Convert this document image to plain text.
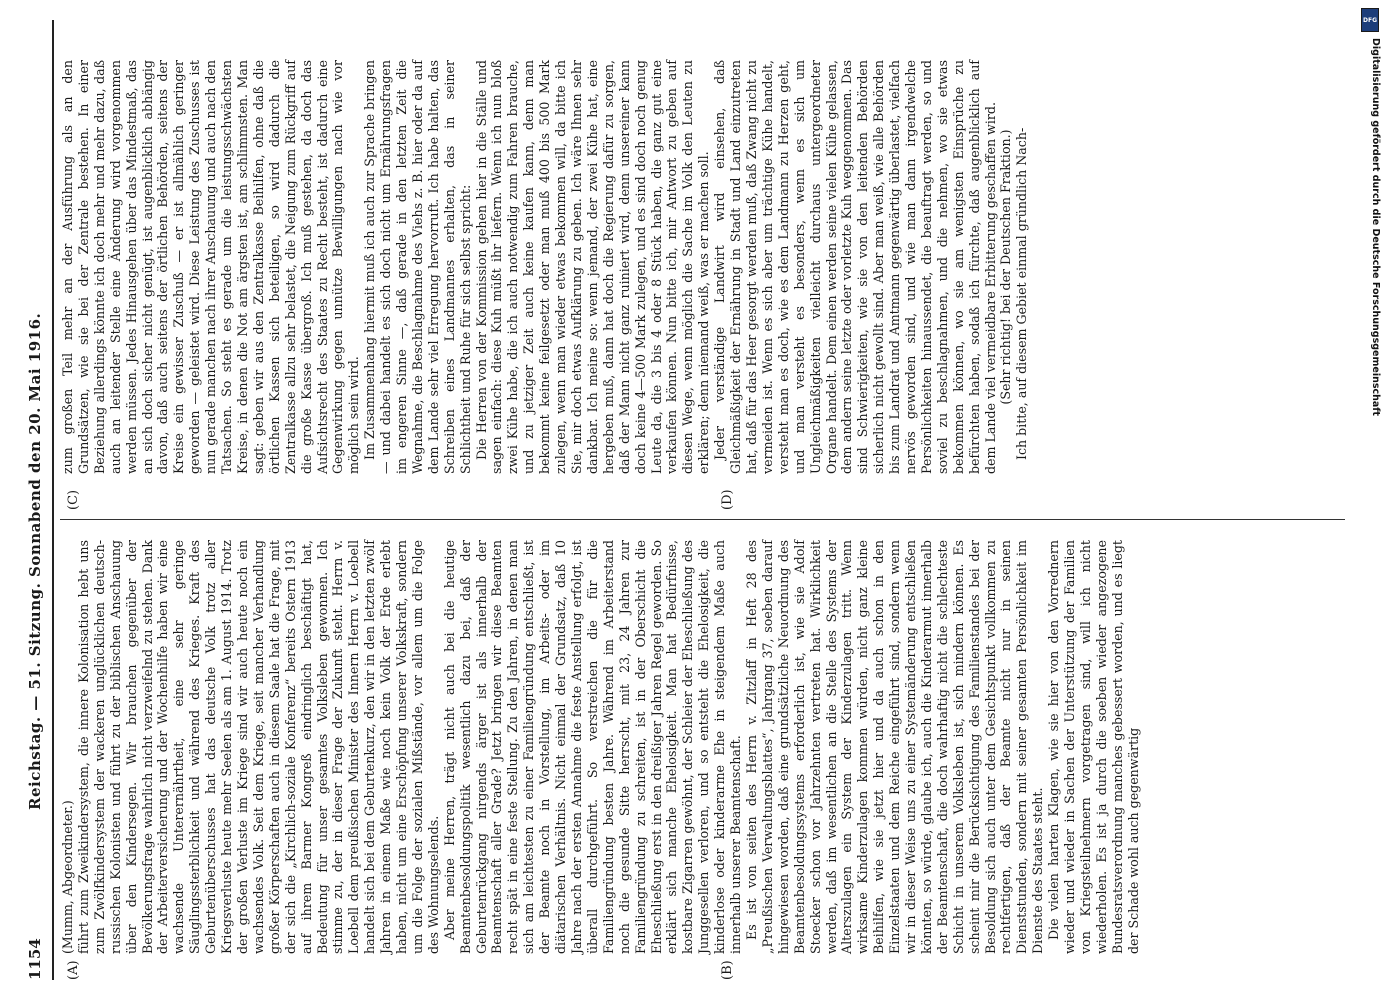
1154
Reichstag. — 51. Sitzung. Sonnabend den 20. Mai 1916.
(A)	(B)
(C)	(D)

(Mumm, Abgeordneter.) führt zum Zweikindersystem, die innere Kolonisation hebt uns zum Zwölfkindersystem der wackeren unglücklichen deutsch-russischen Kolonisten und führt zu der biblischen Anschauung über den Kindersegen. Wir brauchen gegenüber der Bevölkerungsfrage wahrlich nicht verzweifelnd zu stehen. Dank der Arbeiterversicherung und der Wochenhilfe haben wir eine wachsende Unterernährtheit, eine sehr geringe Säuglingssterblichkeit und während des Krieges. Kraft des Geburtenüberschusses hat das deutsche Volk trotz aller Kriegsverluste heute mehr Seelen als am 1. August 1914. Trotz der großen Verluste im Kriege sind wir auch heute noch ein wachsendes Volk. Seit dem Kriege, seit mancher Verhandlung großer Körperschaften auch in diesem Saale hat die Frage, mit der sich die „Kirchlich-soziale Konferenz“ bereits Ostern 1913 auf ihrem Barmer Kongreß eindringlich beschäftigt hat, Bedeutung für unser gesamtes Volksleben gewonnen. Ich stimme zu, der in dieser Frage der Zukunft steht. Herrn v. Loebell dem preußischen Minister des Innern Herrn v. Loebell handelt sich bei dem Geburtenkurz, den wir in den letzten zwölf Jahren in einem Maße wie noch kein Volk der Erde erlebt haben, nicht um eine Erschöpfung unserer Volkskraft, sondern um die Folge der sozialen Mißstände, vor allem um die Folge des Wohnungselends. Aber meine Herren, trägt nicht auch bei die heutige Beamtenbesoldungspolitik wesentlich dazu bei, daß der Geburtenrückgang nirgends ärger ist als innerhalb der Beamtenschaft aller Grade? Jetzt bringen wir diese Beamten recht spät in eine feste Stellung. Zu den Jahren, in denen man sich am leichtesten zu einer Familiengründung entschließt, ist der Beamte noch in Vorstellung, im Arbeits- oder im diätarischen Verhältnis. Nicht einmal der Grundsatz, daß 10 Jahre nach der ersten Annahme die feste Anstellung erfolgt, ist überall durchgeführt. So verstreichen die für die Familiengründung besten Jahre. Während im Arbeiterstand noch die gesunde Sitte herrscht, mit 23, 24 Jahren zur Familiengründung zu schreiten, ist in der Oberschicht die Eheschließung erst in den dreißiger Jahren Regel geworden. So erklärt sich manche Ehelosigkeit. Man hat Bedürfnisse, kostbare Zigarren gewöhnt, der Schleier der Eheschließung des Junggesellen verloren, und so entsteht die Ehelosigkeit, die kinderlose oder kinderarme Ehe in steigendem Maße auch innerhalb unserer Beamtenschaft. Es ist von seiten des Herrn v. Zitzlaff in Heft 28 des „Preußischen Verwaltungsblattes“, Jahrgang 37, soeben darauf hingewiesen worden, daß eine grundsätzliche Neuordnung des Beamtenbesoldungssystems erforderlich ist, wie sie Adolf Stoecker schon vor Jahrzehnten vertreten hat. Wirklichkeit werden, daß im wesentlichen an die Stelle des Systems der Alterszulagen ein System der Kinderzulagen tritt. Wenn wirksame Kinderzulagen kommen würden, nicht ganz kleine Beihilfen, wie sie jetzt hier und da auch schon in den Einzelstaaten und dem Reiche eingeführt sind, sondern wenn wir in dieser Weise uns zu einer Systemänderung entschließen könnten, so würde, glaube ich, auch die Kinderarmut innerhalb der Beamtenschaft, die doch wahrhaftig nicht die schlechteste Schicht in unserem Volksleben ist, sich mindern können. Es scheint mir die Berücksichtigung des Familienstandes bei der Besoldung sich auch unter dem Gesichtspunkt vollkommen zu rechtfertigen, daß der Beamte nicht nur in seinen Dienststunden, sondern mit seiner gesamten Persönlichkeit im Dienste des Staates steht. Die vielen harten Klagen, wie sie hier von den Vorrednern wieder und wieder in Sachen der Unterstützung der Familien von Kriegsteilnehmern vorgetragen sind, will ich nicht wiederholen. Es ist ja durch die soeben wieder angezogene Bundesratsverordnung manches gebessert worden, und es liegt der Schade wohl auch gegenwärtig

zum großen Teil mehr an der Ausführung als an den Grundsätzen, wie sie bei der Zentrale bestehen. In einer Beziehung allerdings könnte ich doch mehr und mehr dazu, daß auch an leitender Stelle eine Änderung wird vorgenommen werden müssen. Jedes Hinausgehen über das Mindestmaß, das an sich doch sicher nicht genügt, ist augenblicklich abhängig davon, daß auch seitens der örtlichen Behörden, seitens der Kreise ein gewisser Zuschuß — er ist allmählich geringer geworden — geleistet wird. Diese Leistung des Zuschusses ist nun gerade manchen nach ihrer Anschauung und auch nach den Tatsachen. So steht es gerade um die leistungsschwächsten Kreise, in denen die Not am ärgsten ist, am schlimmsten. Man sagt: geben wir aus den Zentralkasse Beihilfen, ohne daß die örtlichen Kassen sich beteiligen, so wird dadurch die Zentralkasse allzu sehr belastet, die Neigung zum Rückgriff auf die große Kasse übergroß. Ich muß gestehen, da doch das Aufsichtsrecht des Staates zu Recht besteht, ist dadurch eine Gegenwirkung gegen unnütze Bewilligungen nach wie vor möglich sein wird. Im Zusammenhang hiermit muß ich auch zur Sprache bringen — und dabei handelt es sich doch nicht um Ernährungsfragen im engeren Sinne —, daß gerade in den letzten Zeit die Wegnahme, die Beschlagnahme des Viehs z. B. hier oder da auf dem Lande sehr viel Erregung hervorruft. Ich habe halten, das Schreiben eines Landmannes erhalten, das in seiner Schlichtheit und Ruhe für sich selbst spricht: Die Herren von der Kommission gehen hier in die Ställe und sagen einfach: diese Kuh müßt ihr liefern. Wenn ich nun bloß zwei Kühe habe, die ich auch notwendig zum Fahren brauche, und zu jetziger Zeit auch keine kaufen kann, denn man bekommt keine feilgesetzt oder man muß 400 bis 500 Mark zulegen, wenn man wieder etwas bekommen will, da bitte ich Sie, mir doch etwas Aufklärung zu geben. Ich wäre Ihnen sehr dankbar. Ich meine so: wenn jemand, der zwei Kühe hat, eine hergeben muß, dann hat doch die Regierung dafür zu sorgen, daß der Mann nicht ganz ruiniert wird, denn unsereiner kann doch keine 4—500 Mark zulegen, und es sind doch noch genug Leute da, die 3 bis 4 oder 8 Stück haben, die ganz gut eine verkaufen können. Nun bitte ich, mir Antwort zu geben auf diesen Wege, wenn möglich die Sache im Volk den Leuten zu erklären; denn niemand weiß, was er machen soll. Jeder verständige Landwirt wird einsehen, daß Gleichmäßigkeit der Ernährung in Stadt und Land einzutreten hat, daß für das Heer gesorgt werden muß, daß Zwang nicht zu vermeiden ist. Wenn es sich aber um trächtige Kühe handelt, versteht man es doch, wie es dem Landmann zu Herzen geht, und man versteht es besonders, wenn es sich um Ungleichmäßigkeiten vielleicht durchaus untergeordneter Organe handelt. Dem einen werden seine vielen Kühe gelassen, dem andern seine letzte oder vorletzte Kuh weggenommen. Das sind Schwierigkeiten, wie sie von den leitenden Behörden sicherlich nicht gewollt sind. Aber man weiß, wie alle Behörden bis zum Landrat und Amtmann gegenwärtig überlastet, vielfach nervös geworden sind, und wie man dann irgendwelche Persönlichkeiten hinaussendet, die beauftragt werden, so und soviel zu beschlagnahmen, und die nehmen, wo sie etwas bekommen können, wo sie am wenigsten Einsprüche zu befürchten haben, sodaß ich fürchte, daß augenblicklich auf dem Lande viel vermeidbare Erbitterung geschaffen wird. (Sehr richtig! bei der Deutschen Fraktion.) Ich bitte, auf diesem Gebiet einmal gründlich Nach-

DFG
Digitalisierung gefördert durch die Deutsche Forschungsgemeinschaft
